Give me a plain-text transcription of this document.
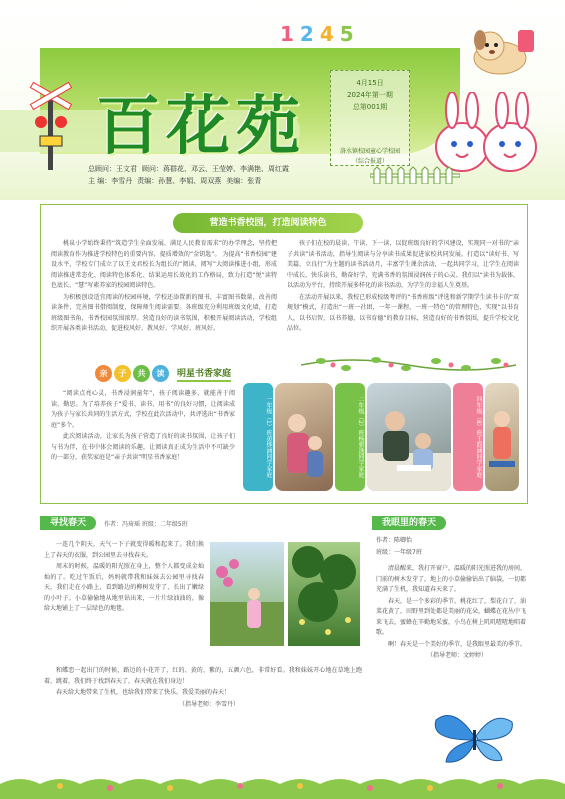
1245
百花苑
4月15日
2024年第一期
总第001期
洛水镇校园童心学校园（综合报道）
总顾问：王文君 顾问：蒋群花、邓云、王莹婷、李满艳、周红霞
主 编：李雪丹 责编：孙慧、李娟、周双燕 美编：张青
营造书香校园，打造阅读特色

桃泉小学始终秉持“筑造学生全面发展，满足人民教育需求”的办学理念，坚持把阅读教育作为推进学校特色的重要内容，提质增效的“金钥匙”。 为提高“书香校园”建设水平，学校专门成立了以王文君校长为组长的“阅读、阅写”大阅读推进小组，形成阅读推进常态化、阅读特色体系化、结果运用长效化的工作格局，致力打造“悦”读特色底长、“慧”写素养家的校园阅读特色。

为积极创设适宜阅读的校园环境，学校还添置新的图书，丰富图书数量，改善阅读条件，完善图书借阅制度，保障师生阅读需要。各班级充分利用班级文化墙，打造班级图书角，书香校园氛围浓厚。营造良好的读书氛围，积极开展阅读活动，学校组织开展各类读书活动，促进校风好、教风好、学风好、班风好。

孩子们在校的晨读、午读、下一读，以促班级良好的学风建设，实现同一对书的“亲子共读”读书活动，指导生阅读与分享读书成果促进家校共同发展。打造以“读好书、写美篇、立良行”为主题的读书活动月，丰富学生课余活动，一起共同学习，让学生在阅读中成长，快乐读书，勤奋好学，充满书香的氛围浸润孩子的心灵。我们以“读书为载体，以活动为平台，持续开展多样化的读书活动，为学生的幸福人生奠基。

在活动开展以来，我校已形成校级考评的“书香班级”评选和新学期学生读书卡的“双规划”模式，打造出“一班一社团，一年一课程，一班一特色”的管理特色，实现“以书育人，以书启智，以书养德，以书育德”的教育目标，营造良好的书香氛围，提升学校文化品位。

亲	子	共	读	明星书香家庭

“阅读点亮心灵，书香浸润童年”，孩子阅读趣多，就能善于阅读、勤思。为了培养孩子“爱书、读书、用书”的良好习惯，让阅读成为孩子与家长共同的生活方式，学校在此次活动中，共评选出“书香家庭”多个。

此次阅读活动，让家长为孩子营造了良好的读书氛围，让孩子们与书为伴，在书中体会阅读的乐趣，让阅读真正成为生活中不可缺少的一部分，获奖家庭是“亲子共读”明星书香家庭！	一年级（1）班黄烨涵同学家庭	二年级（2）班杨骐逸同学家庭	四年级（8）班王韵涵同学家庭
寻找春天	作者：冯琦瑶 班级：二年级5班

一连几个阴天，天气一下子就变得暖和起来了。我们换上了春天的衣服，到公园里去寻找春天。

周末的时候，温暖的阳光照在身上，整个人都变成金灿灿的了。吃过午饭后，妈妈就带我和妹妹去公园里寻找春天，我们走在小路上，看到路边的柳树发芽了，长出了嫩绿的小叶子。小草偷偷地从地里钻出来，一片片绿油油的，像给大地铺上了一层绿色的地毯。

和蝶恋一起出门的时候，路边的小花开了，红的、黄的、紫的，五颜六色，非常好看。我和妹妹开心地在草地上跑着，跳着，我们终于找到春天了，春天就在我们身边！

春天给大地带来了生机，也给我们带来了快乐。我爱美丽的春天！

（指导老师：李雪丹）

我眼里的春天

作者：陈卿怡

班级：一年级7班

清晨醒来，我打开窗户，温暖的阳光照进我的房间，门前的树木发芽了，地上的小草偷偷钻出了脑袋，一切都充满了生机，我知道春天来了。

春天，是一个多彩的季节。桃花红了，梨花白了，油菜花黄了，田野里到处都是美丽的花朵，蝴蝶在花丛中飞来飞去，蜜蜂在辛勤地采蜜，小鸟在树上叽叽喳喳地唱着歌。

啊！春天是一个美好的季节，是我眼里最美的季节。

（指导老师：文婷婷）
